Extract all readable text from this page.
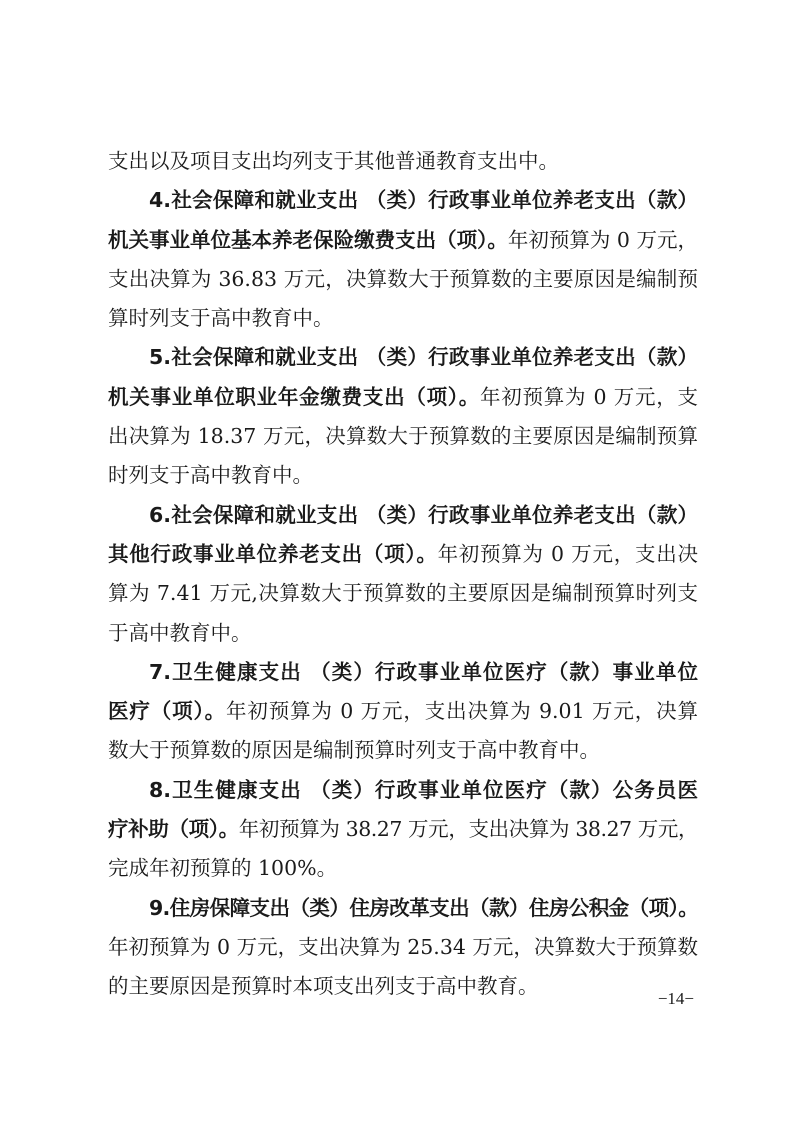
支出以及项目支出均列支于其他普通教育支出中。
4.社会保障和就业支出 （类）行政事业单位养老支出（款）
机关事业单位基本养老保险缴费支出（项）。年初预算为 0 万元，
支出决算为 36.83 万元，决算数大于预算数的主要原因是编制预
算时列支于高中教育中。
5.社会保障和就业支出 （类）行政事业单位养老支出（款）
机关事业单位职业年金缴费支出（项）。年初预算为 0 万元，支
出决算为 18.37 万元，决算数大于预算数的主要原因是编制预算
时列支于高中教育中。
6.社会保障和就业支出 （类）行政事业单位养老支出（款）
其他行政事业单位养老支出（项）。年初预算为 0 万元，支出决
算为 7.41 万元,决算数大于预算数的主要原因是编制预算时列支
于高中教育中。
7.卫生健康支出 （类）行政事业单位医疗（款）事业单位
医疗（项）。年初预算为 0 万元，支出决算为 9.01 万元，决算
数大于预算数的原因是编制预算时列支于高中教育中。
8.卫生健康支出 （类）行政事业单位医疗（款）公务员医
疗补助（项）。年初预算为 38.27 万元，支出决算为 38.27 万元，
完成年初预算的 100%。
9.住房保障支出（类）住房改革支出（款）住房公积金（项）。
年初预算为 0 万元，支出决算为 25.34 万元，决算数大于预算数
的主要原因是预算时本项支出列支于高中教育。
−14−
